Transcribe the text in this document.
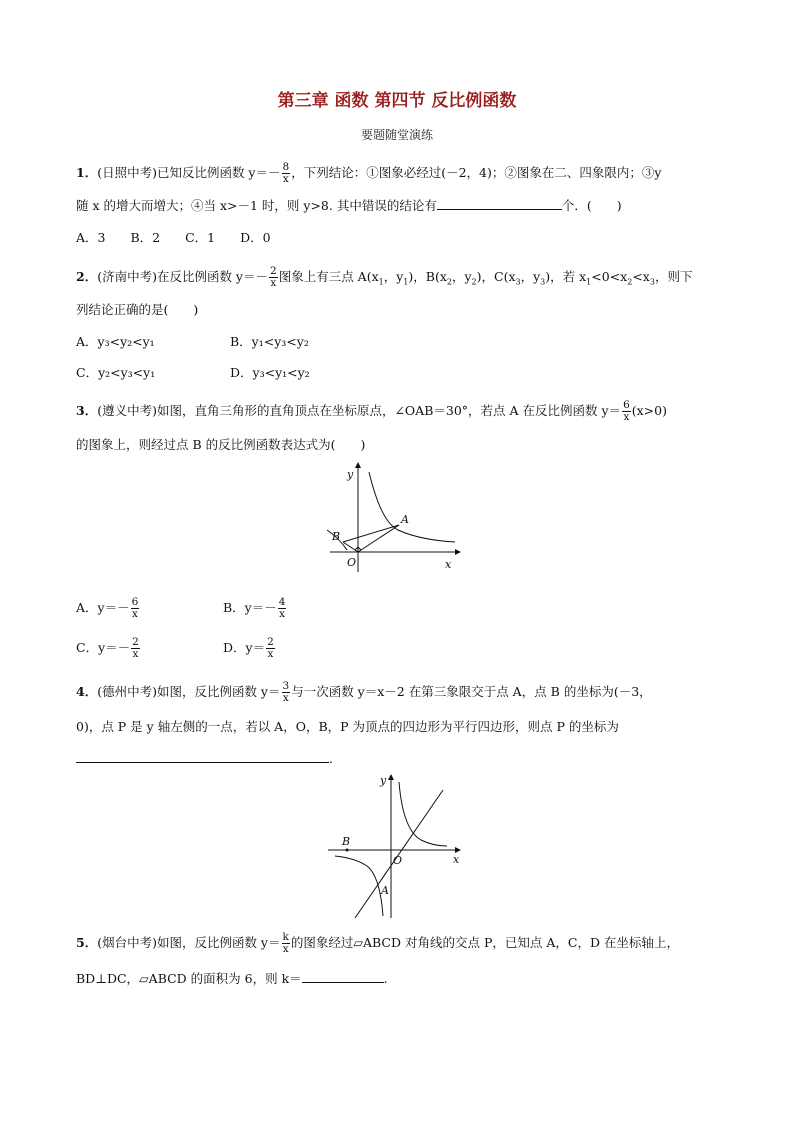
第三章 函数 第四节 反比例函数
要题随堂演练
1．(日照中考)已知反比例函数 $y=- \frac{8}{x}$ ，下列结论：①图象必经过(－2，4)；②图象在二、四象限内；③y
随 x 的增大而增大；④当 x>－1 时，则 y>8. 其中错误的结论有	个．(　　)
A．3　　B．2　　C．1　　D．0
2．(济南中考)在反比例函数 $y=- \frac{2}{x}$ 图象上有三点 $A(x_1$，$y_1$)，$B(x_2$，$y_2$)，$C(x_3$，$y_3$)，若 $x_1<0<x_2<x_3$，则下
列结论正确的是(　　)
A．y₃<y₂<y₁	B．y₁<y₃<y₂
C．y₂<y₃<y₁	D．y₃<y₁<y₂
3．(遵义中考)如图，直角三角形的直角顶点在坐标原点，∠OAB＝30°，若点 A 在反比例函数 $y= \frac{6}{x} (x>0)$
的图象上，则经过点 B 的反比例函数表达式为(　　)
y
x
O
A
B
A．$y=- \frac{6}{x}$	B．$y=- \frac{4}{x}$
C．$y=- \frac{2}{x}$	D．$y= \frac{2}{x}$
4．(德州中考)如图，反比例函数 $y= \frac{3}{x}$ 与一次函数 y＝x－2 在第三象限交于点 A，点 B 的坐标为(－3，
0)，点 P 是 y 轴左侧的一点，若以 A，O，B，P 为顶点的四边形为平行四边形，则点 P 的坐标为
.
y
x
O
A
B
5．(烟台中考)如图，反比例函数 $y= \frac{k}{x}$ 的图象经过▱ABCD 对角线的交点 P，已知点 A，C，D 在坐标轴上，
BD⊥DC，▱ABCD 的面积为 6，则 k＝	.
